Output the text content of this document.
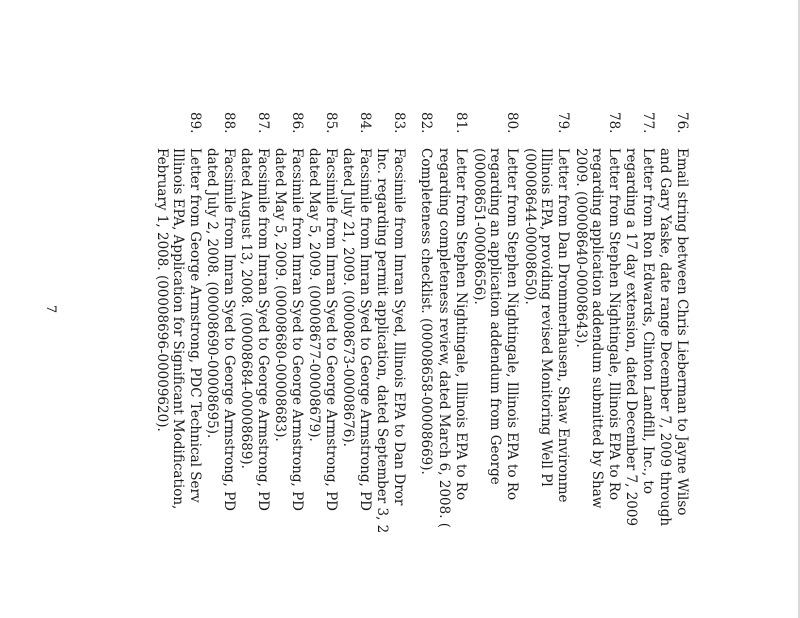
76.
Email string between Chris Lieberman to Jayne Wilso
and Gary Yaske, date range December 7, 2009 through
77.
Letter from Ron Edwards, Clinton Landfill, Inc., to
regarding a 17 day extension, dated December 7, 2009
78.
Letter from Stephen Nightingale, Illinois EPA to Ro
regarding application addendum submitted by Shaw
2009. (00008640-00008643).
79.
Letter from Dan Drommerhausen, Shaw Environme
Illinois EPA, providing revised Monitoring Well Pl
(00008644-00008650).
80.
Letter from Stephen Nightingale, Illinois EPA to Ro
regarding an application addendum from George
(00008651-00008656).
81.
Letter from Stephen Nightingale, Illinois EPA to Ro
regarding completeness review, dated March 6, 2008. (
82.
Completeness checklist. (00008658-00008669).
83.
Facsimile from Imran Syed, Illinois EPA to Dan Dror
Inc. regarding permit application, dated September 3, 2
84.
Facsimile from Imran Syed to George Armstrong, PD
dated July 21, 2009. (00008673-00008676).
85.
Facsimile from Imran Syed to George Armstrong, PD
dated May 5, 2009. (00008677-00008679).
86.
Facsimile from Imran Syed to George Armstrong, PD
dated May 5, 2009. (00008680-00008683).
87.
Facsimile from Imran Syed to George Armstrong, PD
dated August 13, 2008. (00008684-00008689).
88.
Facsimile from Imran Syed to George Armstrong, PD
dated July 2, 2008. (00008690-00008695).
89.
Letter from George Armstrong, PDC Technical Serv
Illinois EPA, Application for Significant Modification,
February 1, 2008. (00008696-00009620).
7
